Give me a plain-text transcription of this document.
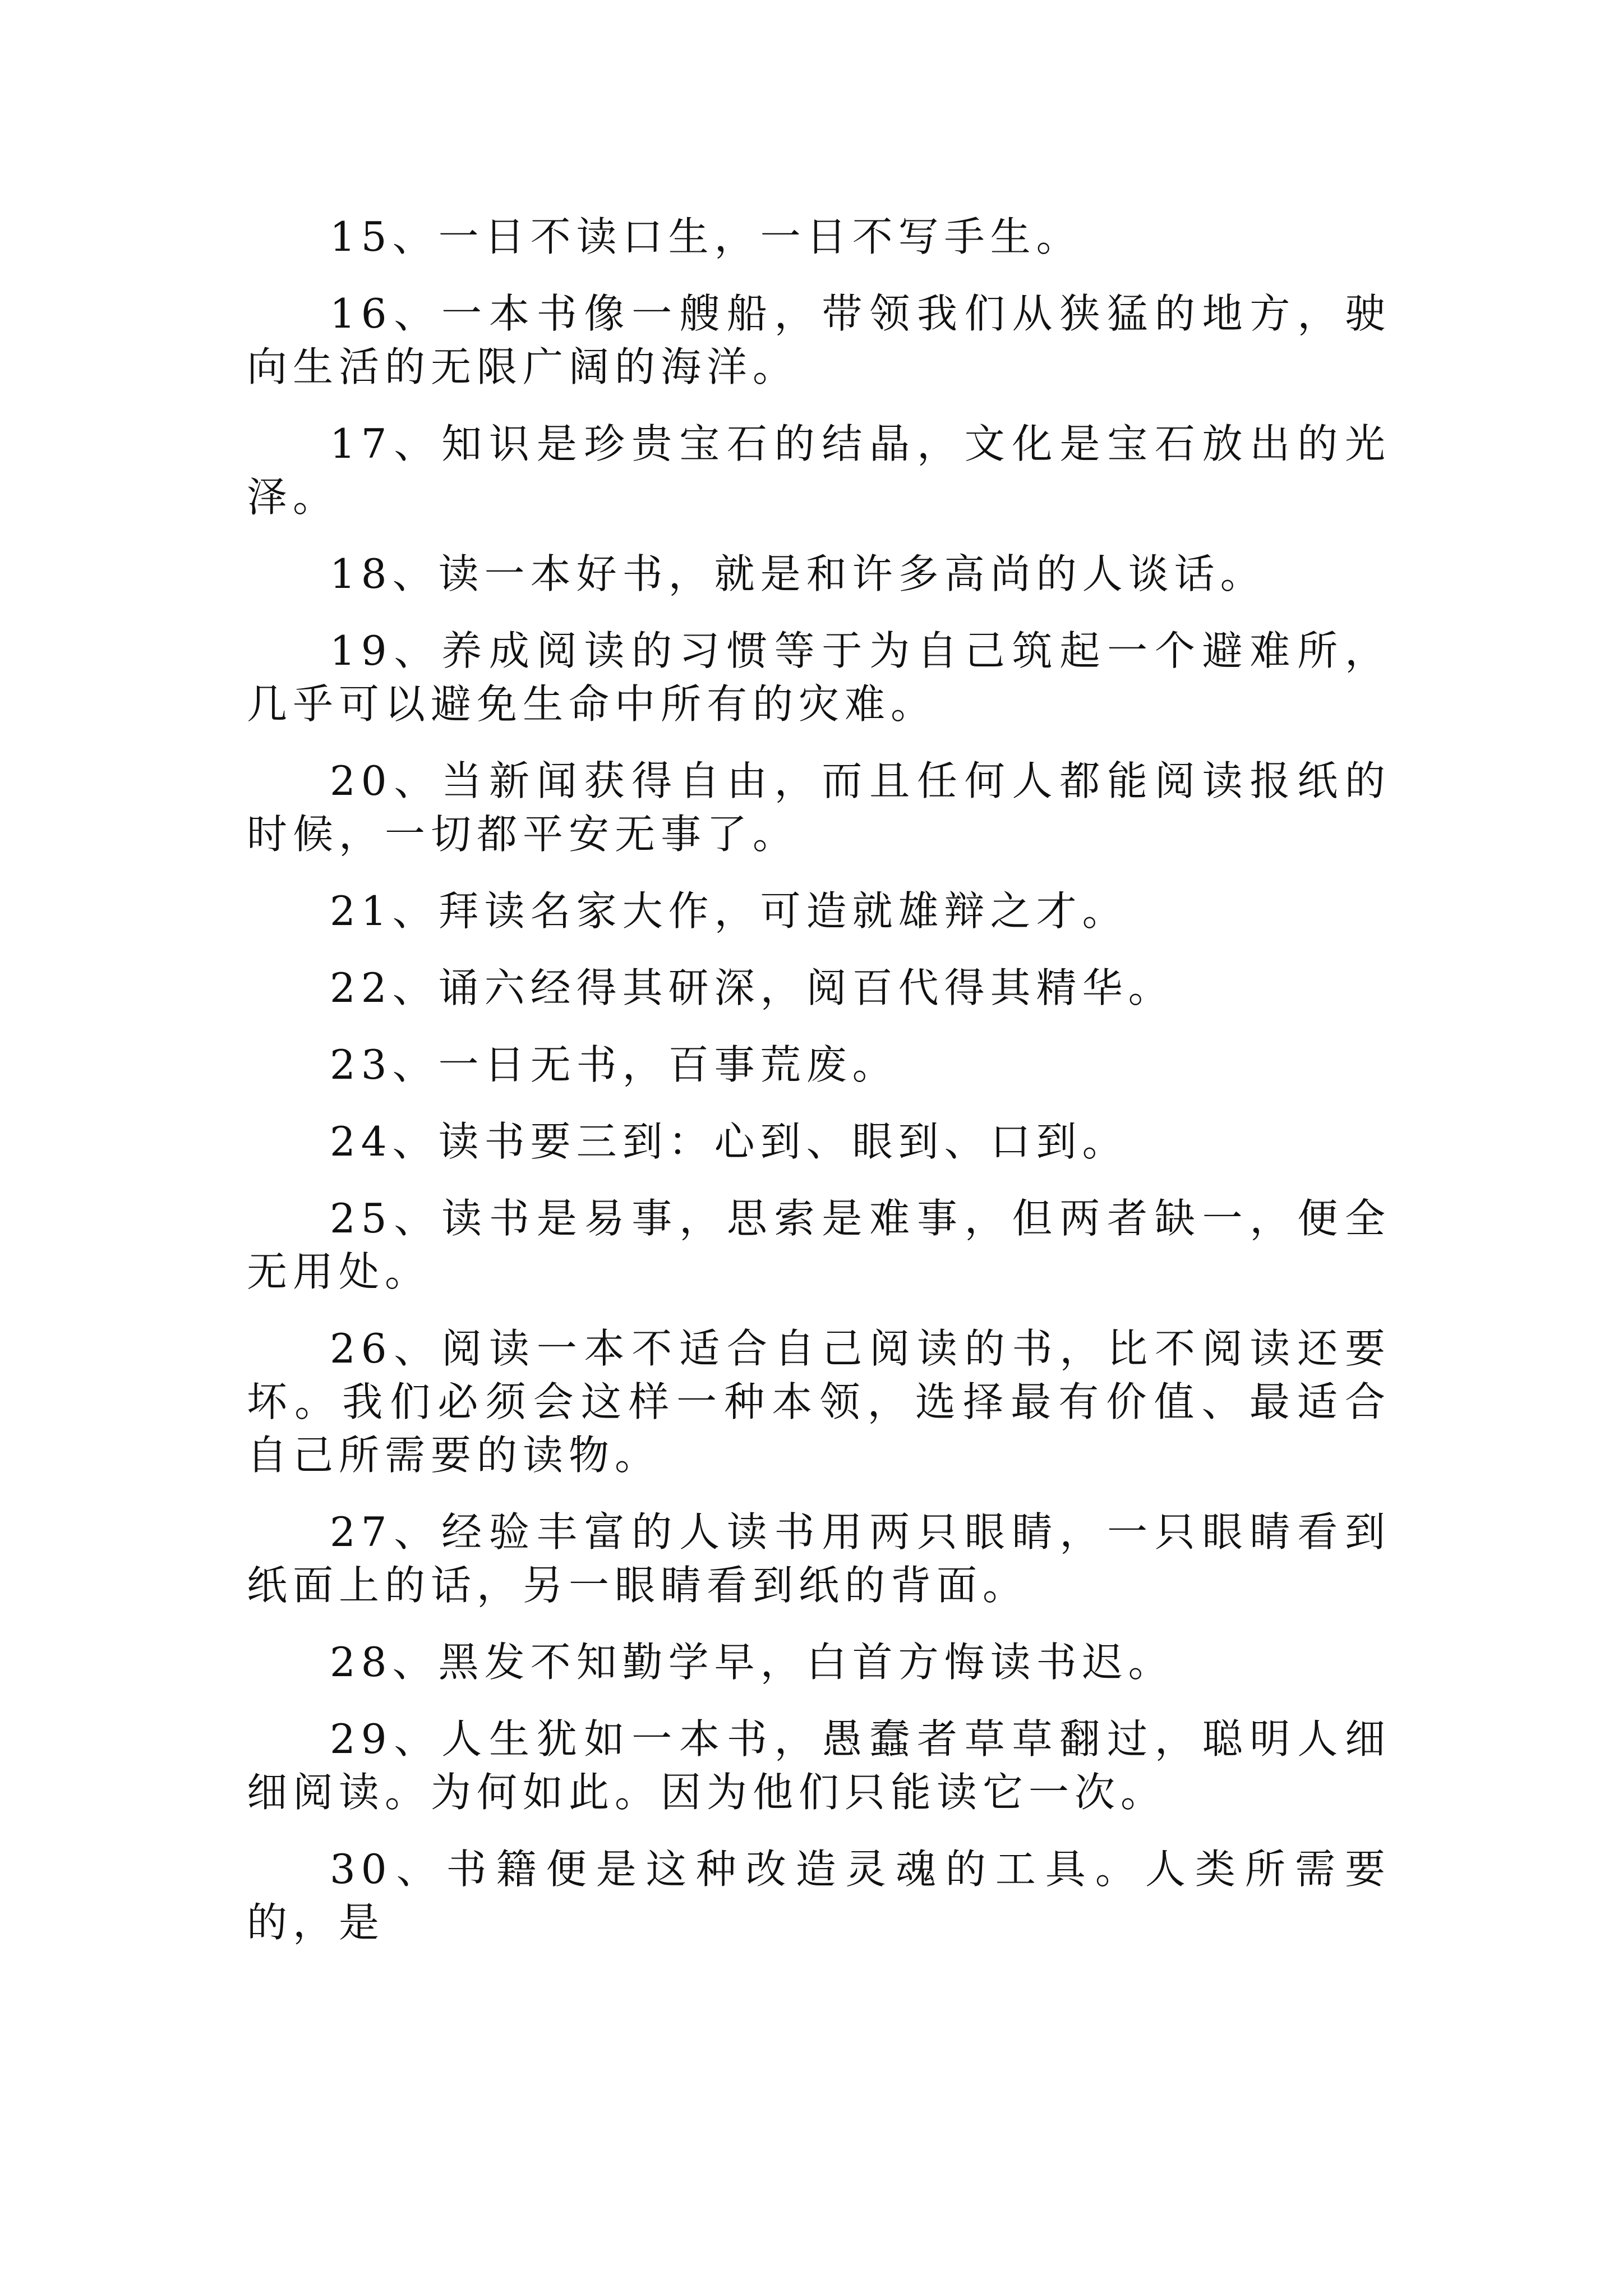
15、一日不读口生，一日不写手生。

16、一本书像一艘船，带领我们从狭猛的地方，驶向生活的无限广阔的海洋。

17、知识是珍贵宝石的结晶，文化是宝石放出的光泽。

18、读一本好书，就是和许多高尚的人谈话。

19、养成阅读的习惯等于为自己筑起一个避难所，几乎可以避免生命中所有的灾难。

20、当新闻获得自由，而且任何人都能阅读报纸的时候，一切都平安无事了。

21、拜读名家大作，可造就雄辩之才。

22、诵六经得其研深，阅百代得其精华。

23、一日无书，百事荒废。

24、读书要三到：心到、眼到、口到。

25、读书是易事，思索是难事，但两者缺一，便全无用处。

26、阅读一本不适合自己阅读的书，比不阅读还要坏。我们必须会这样一种本领，选择最有价值、最适合自己所需要的读物。

27、经验丰富的人读书用两只眼睛，一只眼睛看到纸面上的话，另一眼睛看到纸的背面。

28、黑发不知勤学早，白首方悔读书迟。

29、人生犹如一本书，愚蠢者草草翻过，聪明人细细阅读。为何如此。因为他们只能读它一次。

30、书籍便是这种改造灵魂的工具。人类所需要的，是
